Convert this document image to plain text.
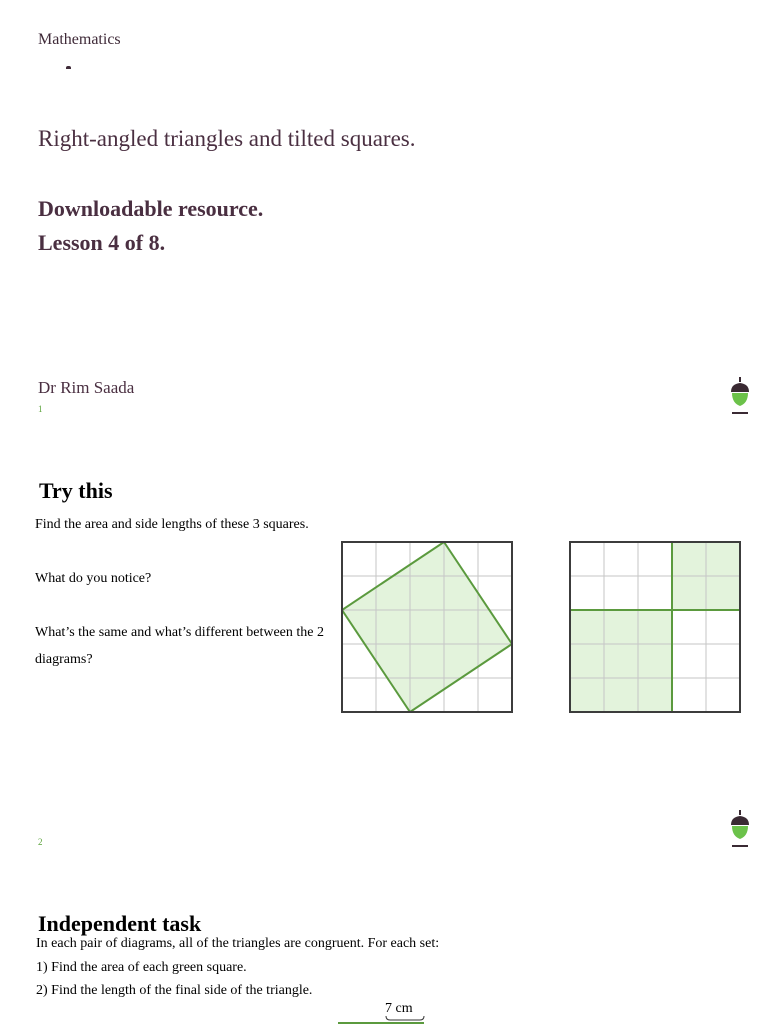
Mathematics
Right-angled triangles and tilted squares.
Downloadable resource.
Lesson 4 of 8.
Dr Rim Saada
1
Try this
Find the area and side lengths of these 3 squares.
What do you notice?
What’s the same and what’s different between the 2
diagrams?
2
Independent task
In each pair of diagrams, all of the triangles are congruent. For each set:
1) Find the area of each green square.
2) Find the length of the final side of the triangle.
7 cm
